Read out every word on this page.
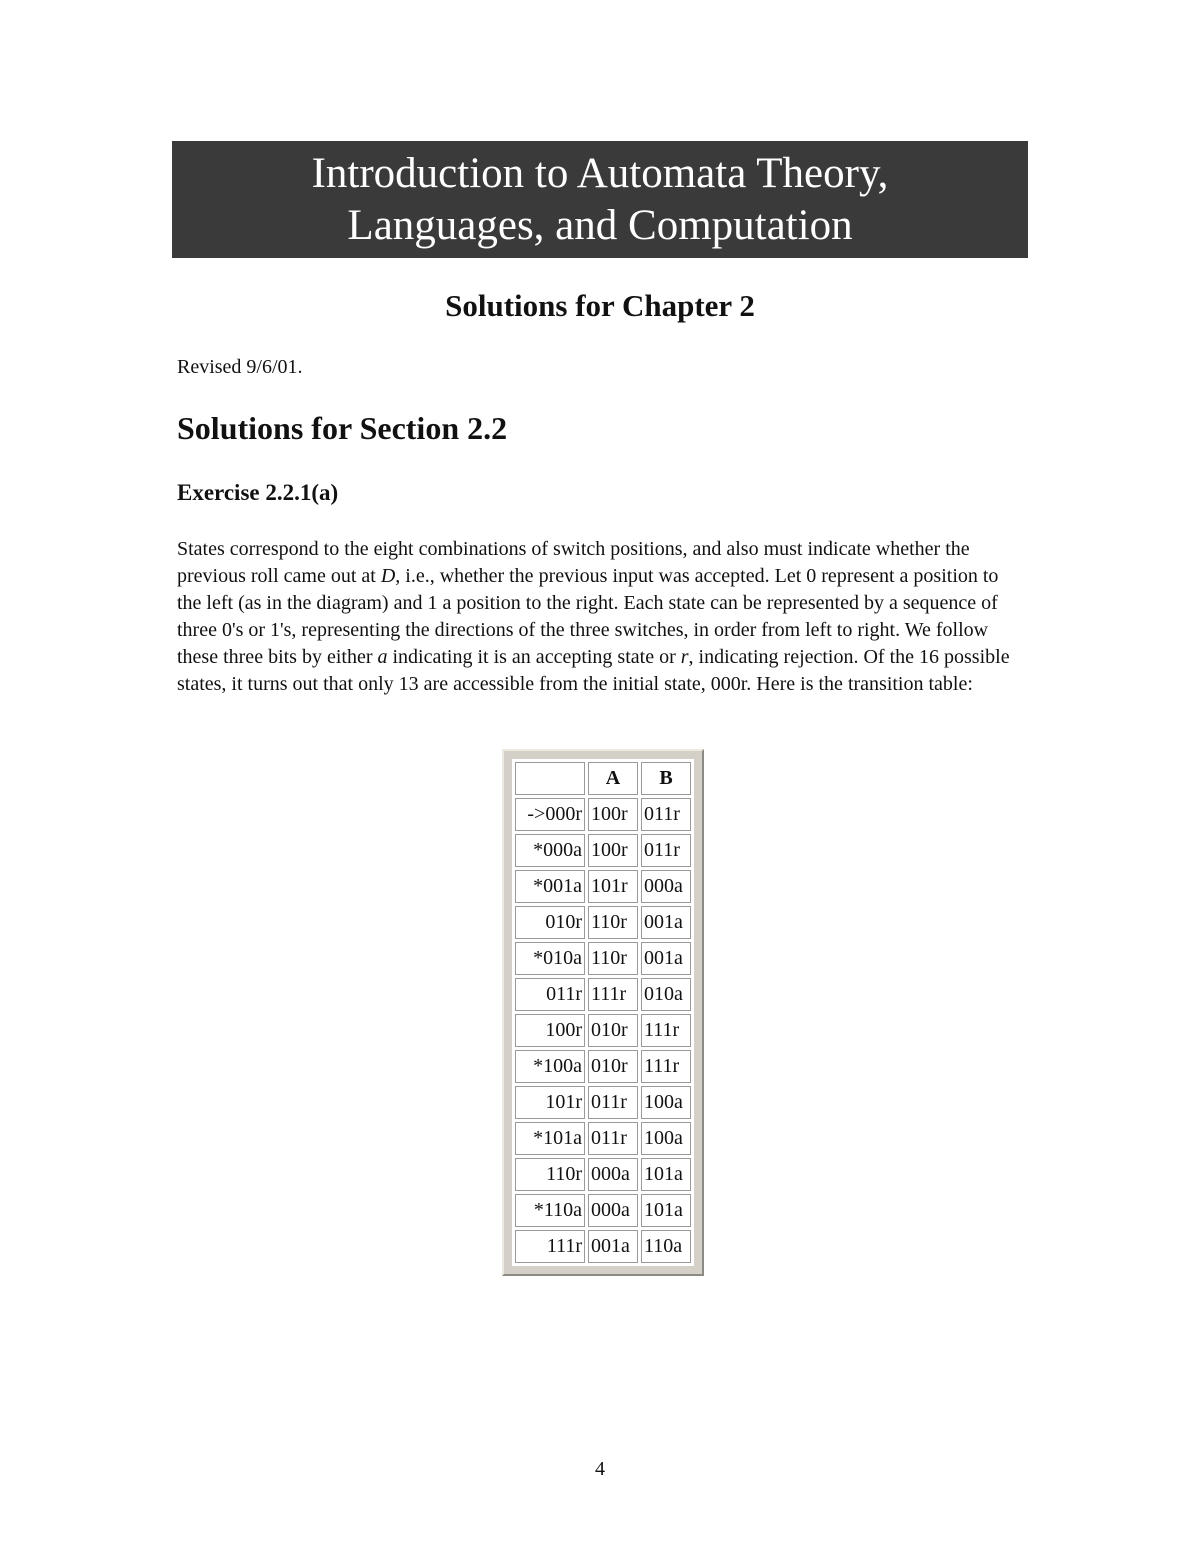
Introduction to Automata Theory,
Languages, and Computation
Solutions for Chapter 2

Revised 9/6/01.

Solutions for Section 2.2
Exercise 2.2.1(a)

States correspond to the eight combinations of switch positions, and also must indicate whether the previous roll came out at D, i.e., whether the previous input was accepted. Let 0 represent a position to the left (as in the diagram) and 1 a position to the right. Each state can be represented by a sequence of three 0's or 1's, representing the directions of the three switches, in order from left to right. We follow these three bits by either a indicating it is an accepting state or r, indicating rejection. Of the 16 possible states, it turns out that only 13 are accessible from the initial state, 000r. Here is the transition table:

	A	B
->000r	100r	011r
*000a	100r	011r
*001a	101r	000a
010r	110r	001a
*010a	110r	001a
011r	111r	010a
100r	010r	111r
*100a	010r	111r
101r	011r	100a
*101a	011r	100a
110r	000a	101a
*110a	000a	101a
111r	001a	110a

4
